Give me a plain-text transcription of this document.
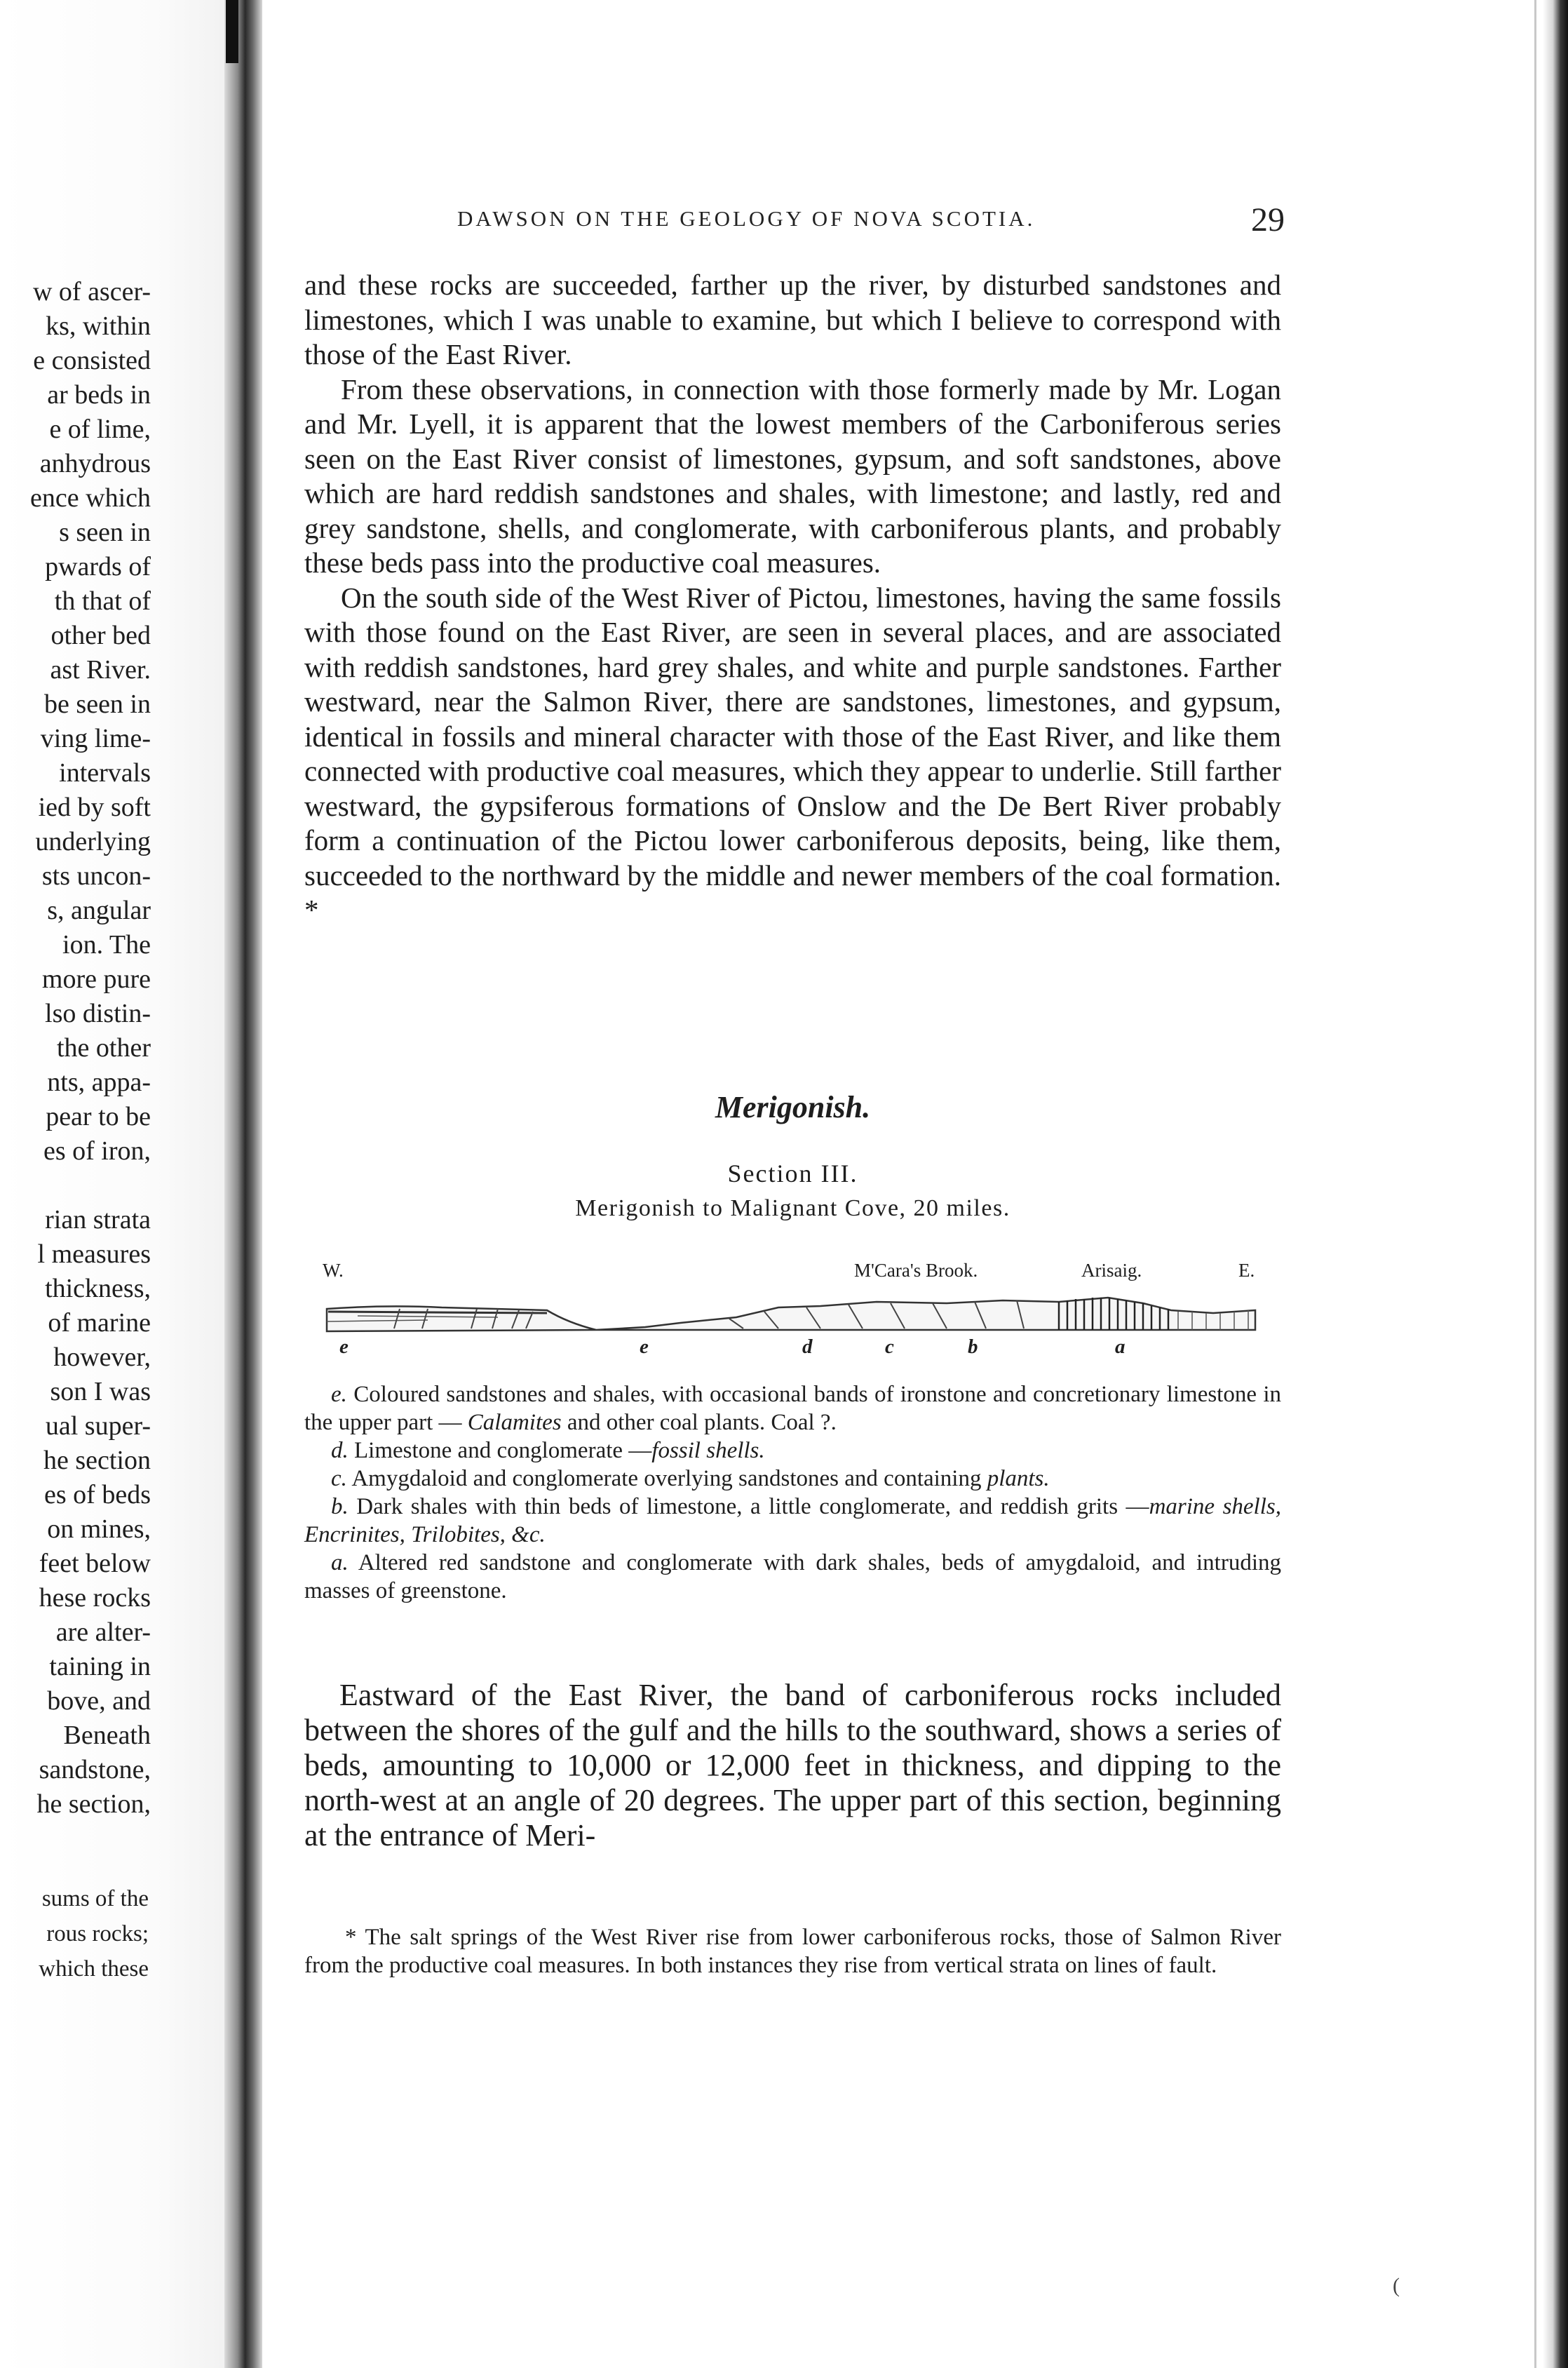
w of ascer-
ks, within
e consisted
ar beds in
e of lime,
anhydrous
ence which
s seen in
pwards of
th that of
other bed
ast River.
be seen in
ving lime-
intervals
ied by soft
underlying
sts uncon-
s, angular
ion. The
more pure
lso distin-
the other
nts, appa-
pear to be
es of iron,
rian strata
l measures
thickness,
of marine
however,
son I was
ual super-
he section
es of beds
on mines,
feet below
hese rocks
are alter-
taining in
bove, and
Beneath
sandstone,
he section,
sums of the
rous rocks;
which these
DAWSON ON THE GEOLOGY OF NOVA SCOTIA.	29

and these rocks are succeeded, farther up the river, by disturbed sandstones and limestones, which I was unable to examine, but which I believe to correspond with those of the East River.

From these observations, in connection with those formerly made by Mr. Logan and Mr. Lyell, it is apparent that the lowest members of the Carboniferous series seen on the East River consist of limestones, gypsum, and soft sandstones, above which are hard reddish sandstones and shales, with limestone; and lastly, red and grey sandstone, shells, and conglomerate, with carboniferous plants, and probably these beds pass into the productive coal measures.

On the south side of the West River of Pictou, limestones, having the same fossils with those found on the East River, are seen in several places, and are associated with reddish sandstones, hard grey shales, and white and purple sandstones. Farther westward, near the Salmon River, there are sandstones, limestones, and gypsum, identical in fossils and mineral character with those of the East River, and like them connected with productive coal measures, which they appear to underlie. Still farther westward, the gypsiferous formations of Onslow and the De Bert River probably form a continuation of the Pictou lower carboniferous deposits, being, like them, succeeded to the northward by the middle and newer members of the coal formation. *

Merigonish.
Section III.
Merigonish to Malignant Cove, 20 miles.
W.	M'Cara's Brook.	Arisaig.	E.
e	e	d	c	b	a

e. Coloured sandstones and shales, with occasional bands of ironstone and concretionary limestone in the upper part — Calamites and other coal plants. Coal ?.

d. Limestone and conglomerate —fossil shells.

c. Amygdaloid and conglomerate overlying sandstones and containing plants.

b. Dark shales with thin beds of limestone, a little conglomerate, and reddish grits —marine shells, Encrinites, Trilobites, &c.

a. Altered red sandstone and conglomerate with dark shales, beds of amygdaloid, and intruding masses of greenstone.

Eastward of the East River, the band of carboniferous rocks included between the shores of the gulf and the hills to the southward, shows a series of beds, amounting to 10,000 or 12,000 feet in thickness, and dipping to the north-west at an angle of 20 degrees. The upper part of this section, beginning at the entrance of Meri-

* The salt springs of the West River rise from lower carboniferous rocks, those of Salmon River from the productive coal measures. In both instances they rise from vertical strata on lines of fault.

(
